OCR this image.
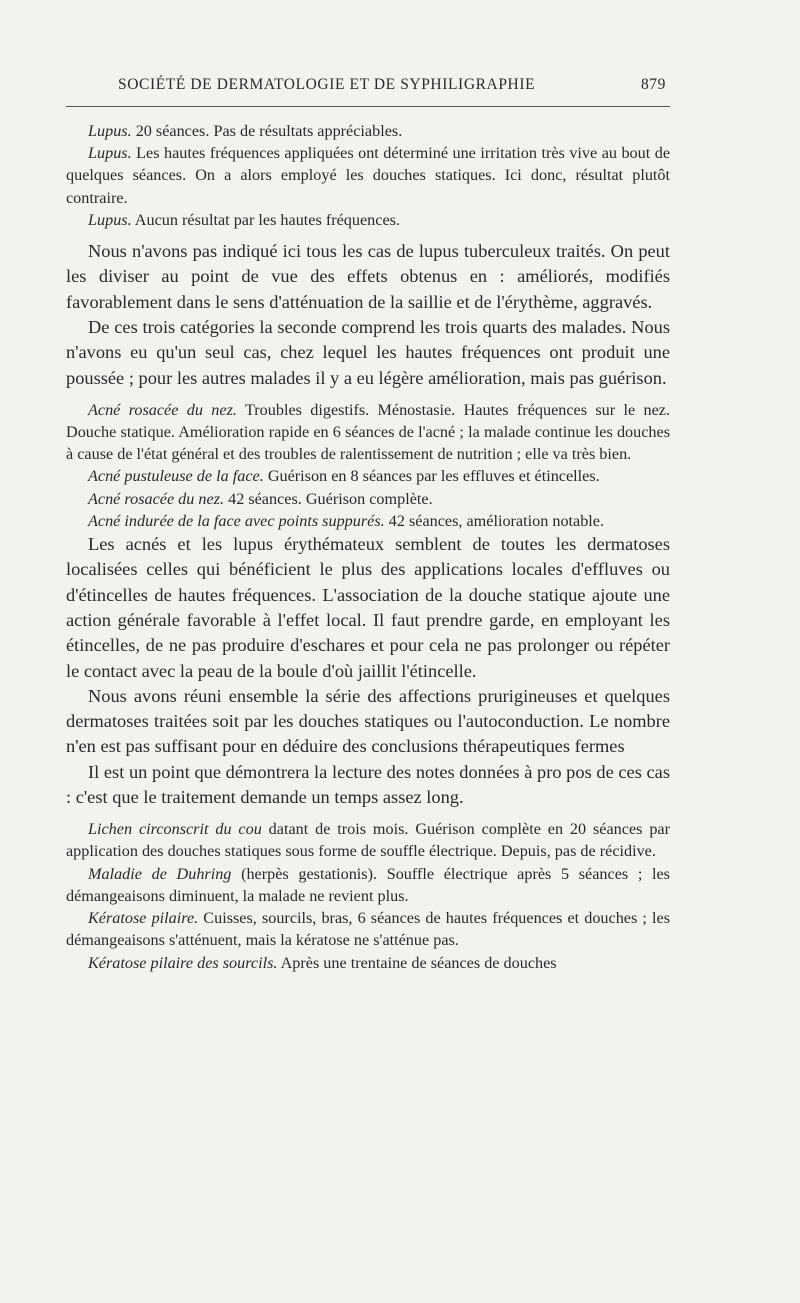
SOCIÉTÉ DE DERMATOLOGIE ET DE SYPHILIGRAPHIE	879

Lupus. 20 séances. Pas de résultats appréciables.

Lupus. Les hautes fréquences appliquées ont déterminé une irritation très vive au bout de quelques séances. On a alors employé les douches statiques. Ici donc, résultat plutôt contraire.

Lupus. Aucun résultat par les hautes fréquences.

Nous n'avons pas indiqué ici tous les cas de lupus tuberculeux traités. On peut les diviser au point de vue des effets obtenus en : améliorés, modifiés favorablement dans le sens d'atténuation de la saillie et de l'érythème, aggravés.

De ces trois catégories la seconde comprend les trois quarts des malades. Nous n'avons eu qu'un seul cas, chez lequel les hautes fréquences ont produit une poussée ; pour les autres malades il y a eu légère amélioration, mais pas guérison.

Acné rosacée du nez. Troubles digestifs. Ménostasie. Hautes fréquences sur le nez. Douche statique. Amélioration rapide en 6 séances de l'acné ; la malade continue les douches à cause de l'état général et des troubles de ralentissement de nutrition ; elle va très bien.

Acné pustuleuse de la face. Guérison en 8 séances par les effluves et étincelles.

Acné rosacée du nez. 42 séances. Guérison complète.

Acné indurée de la face avec points suppurés. 42 séances, amélioration notable.

Les acnés et les lupus érythémateux semblent de toutes les dermatoses localisées celles qui bénéficient le plus des applications locales d'effluves ou d'étincelles de hautes fréquences. L'association de la douche statique ajoute une action générale favorable à l'effet local. Il faut prendre garde, en employant les étincelles, de ne pas produire d'eschares et pour cela ne pas prolonger ou répéter le contact avec la peau de la boule d'où jaillit l'étincelle.

Nous avons réuni ensemble la série des affections prurigineuses et quelques dermatoses traitées soit par les douches statiques ou l'autoconduction. Le nombre n'en est pas suffisant pour en déduire des conclusions thérapeutiques fermes

Il est un point que démontrera la lecture des notes données à pro pos de ces cas : c'est que le traitement demande un temps assez long.

Lichen circonscrit du cou datant de trois mois. Guérison complète en 20 séances par application des douches statiques sous forme de souffle électrique. Depuis, pas de récidive.

Maladie de Duhring (herpès gestationis). Souffle électrique après 5 séances ; les démangeaisons diminuent, la malade ne revient plus.

Kératose pilaire. Cuisses, sourcils, bras, 6 séances de hautes fréquences et douches ; les démangeaisons s'atténuent, mais la kératose ne s'atténue pas.

Kératose pilaire des sourcils. Après une trentaine de séances de douches
